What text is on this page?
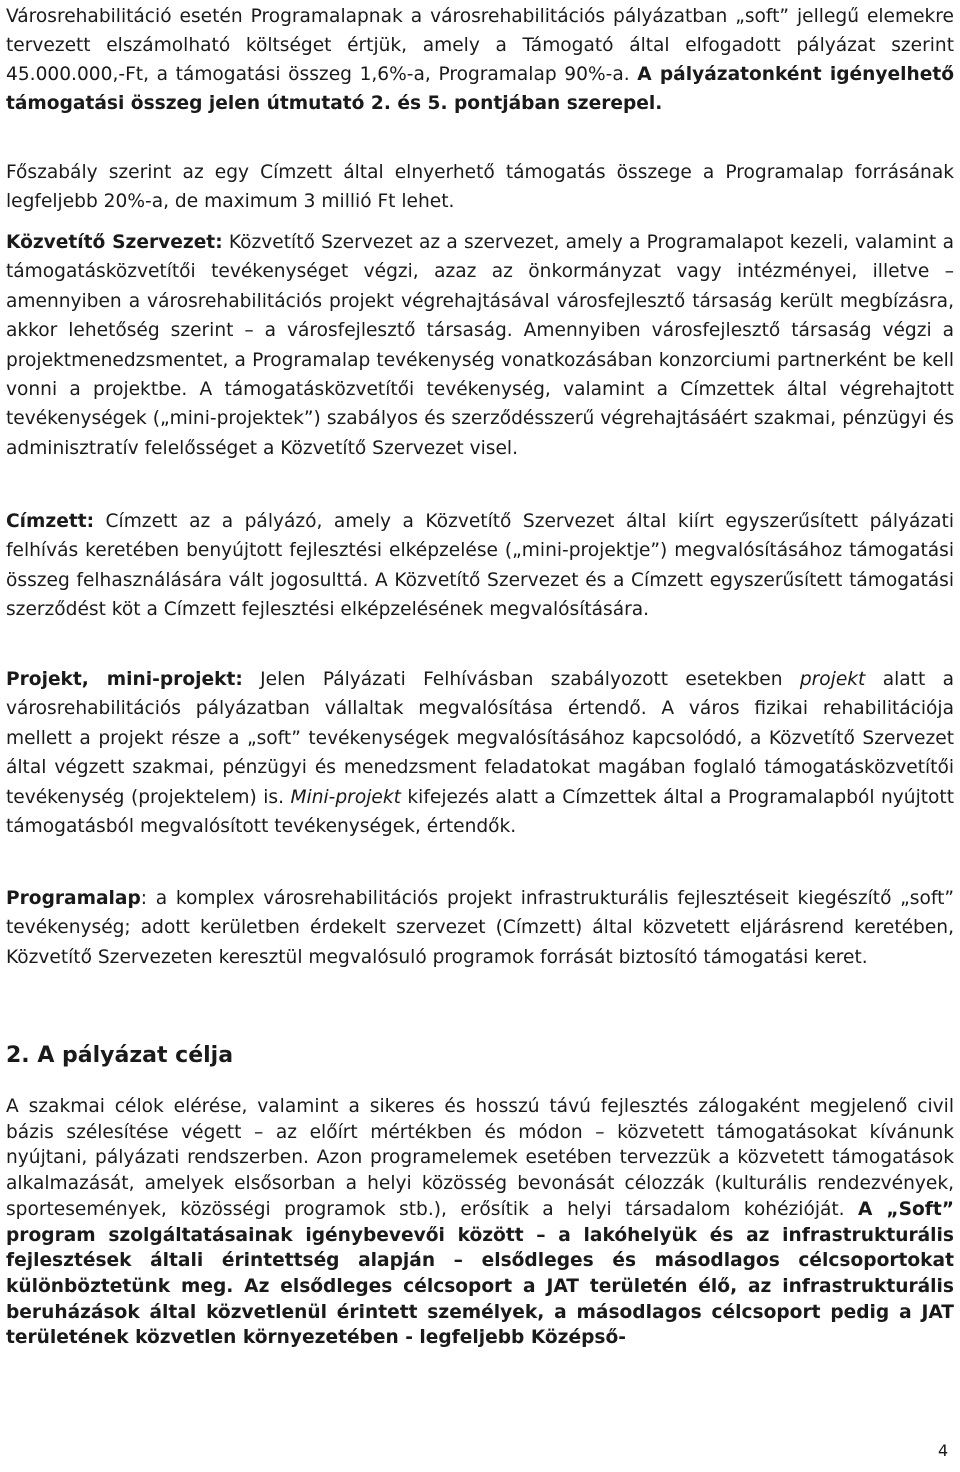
Városrehabilitáció esetén Programalapnak a városrehabilitációs pályázatban „soft” jellegű elemekre tervezett elszámolható költséget értjük, amely a Támogató által elfogadott pályázat szerint 45.000.000,-Ft, a támogatási összeg 1,6%-a, Programalap 90%-a. A pályázatonként igényelhető támogatási összeg jelen útmutató 2. és 5. pontjában szerepel.

Főszabály szerint az egy Címzett által elnyerhető támogatás összege a Programalap forrásának legfeljebb 20%-a, de maximum 3 millió Ft lehet.

Közvetítő Szervezet: Közvetítő Szervezet az a szervezet, amely a Programalapot kezeli, valamint a támogatásközvetítői tevékenységet végzi, azaz az önkormányzat vagy intézményei, illetve – amennyiben a városrehabilitációs projekt végrehajtásával városfejlesztő társaság került megbízásra, akkor lehetőség szerint – a városfejlesztő társaság. Amennyiben városfejlesztő társaság végzi a projektmenedzsmentet, a Programalap tevékenység vonatkozásában konzorciumi partnerként be kell vonni a projektbe. A támogatásközvetítői tevékenység, valamint a Címzettek által végrehajtott tevékenységek („mini-projektek”) szabályos és szerződésszerű végrehajtásáért szakmai, pénzügyi és adminisztratív felelősséget a Közvetítő Szervezet visel.

Címzett: Címzett az a pályázó, amely a Közvetítő Szervezet által kiírt egyszerűsített pályázati felhívás keretében benyújtott fejlesztési elképzelése („mini-projektje”) megvalósításához támogatási összeg felhasználására vált jogosulttá. A Közvetítő Szervezet és a Címzett egyszerűsített támogatási szerződést köt a Címzett fejlesztési elképzelésének megvalósítására.

Projekt, mini-projekt: Jelen Pályázati Felhívásban szabályozott esetekben projekt alatt a városrehabilitációs pályázatban vállaltak megvalósítása értendő. A város fizikai rehabilitációja mellett a projekt része a „soft” tevékenységek megvalósításához kapcsolódó, a Közvetítő Szervezet által végzett szakmai, pénzügyi és menedzsment feladatokat magában foglaló támogatásközvetítői tevékenység (projektelem) is. Mini-projekt kifejezés alatt a Címzettek által a Programalapból nyújtott támogatásból megvalósított tevékenységek, értendők.

Programalap: a komplex városrehabilitációs projekt infrastrukturális fejlesztéseit kiegészítő „soft” tevékenység; adott kerületben érdekelt szervezet (Címzett) által közvetett eljárásrend keretében, Közvetítő Szervezeten keresztül megvalósuló programok forrását biztosító támogatási keret.

2. A pályázat célja

A szakmai célok elérése, valamint a sikeres és hosszú távú fejlesztés zálogaként megjelenő civil bázis szélesítése végett – az előírt mértékben és módon – közvetett támogatásokat kívánunk nyújtani, pályázati rendszerben. Azon programelemek esetében tervezzük a közvetett támogatások alkalmazását, amelyek elsősorban a helyi közösség bevonását célozzák (kulturális rendezvények, sportesemények, közösségi programok stb.), erősítik a helyi társadalom kohézióját. A „Soft” program szolgáltatásainak igénybevevői között – a lakóhelyük és az infrastrukturális fejlesztések általi érintettség alapján – elsődleges és másodlagos célcsoportokat különböztetünk meg. Az elsődleges célcsoport a JAT területén élő, az infrastrukturális beruházások által közvetlenül érintett személyek, a másodlagos célcsoport pedig a JAT területének közvetlen környezetében - legfeljebb Középső-

4
